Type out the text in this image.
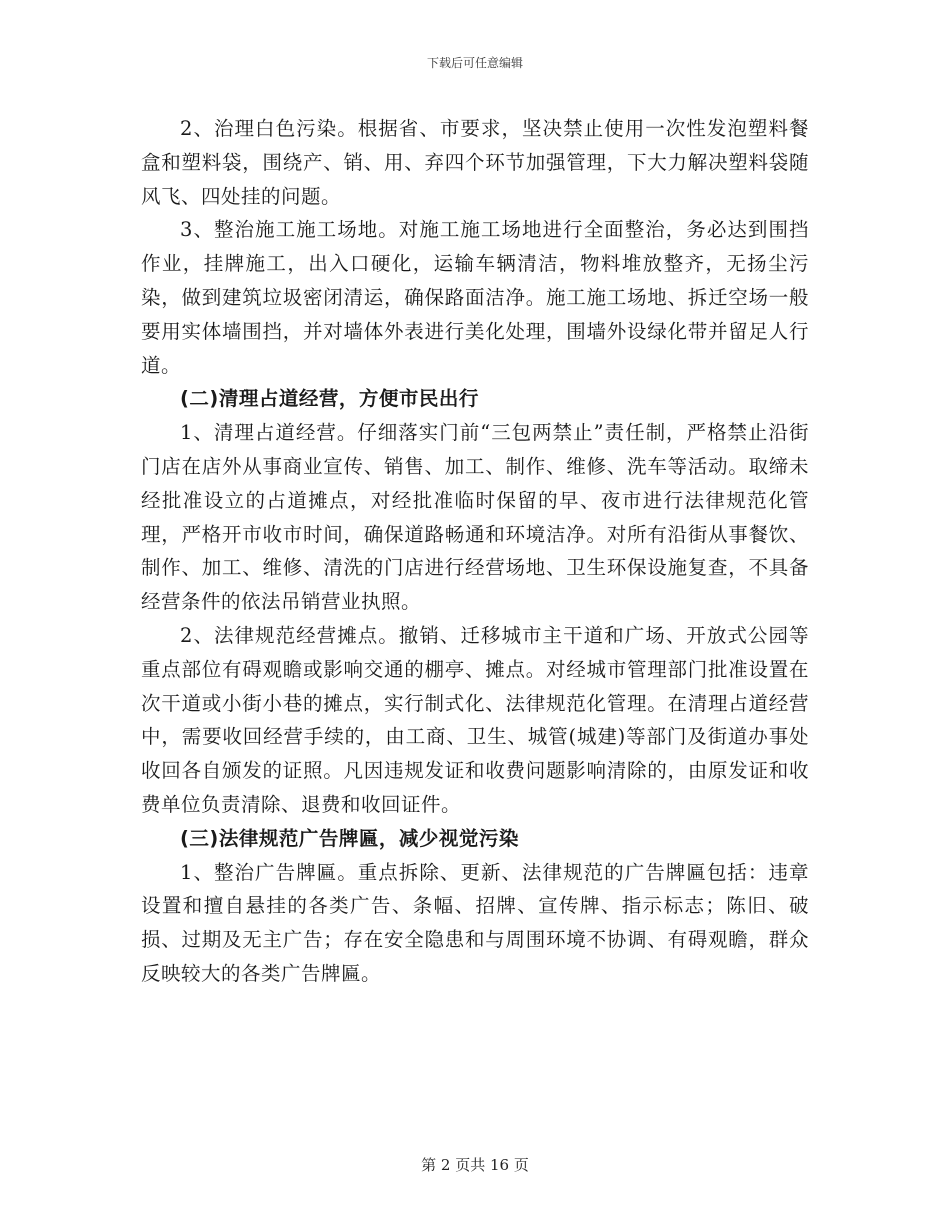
下载后可任意编辑

2、治理白色污染。根据省、市要求，坚决禁止使用一次性发泡塑料餐盒和塑料袋，围绕产、销、用、弃四个环节加强管理，下大力解决塑料袋随风飞、四处挂的问题。

3、整治施工施工场地。对施工施工场地进行全面整治，务必达到围挡作业，挂牌施工，出入口硬化，运输车辆清洁，物料堆放整齐，无扬尘污染，做到建筑垃圾密闭清运，确保路面洁净。施工施工场地、拆迁空场一般要用实体墙围挡，并对墙体外表进行美化处理，围墙外设绿化带并留足人行道。

(二)清理占道经营，方便市民出行

1、清理占道经营。仔细落实门前“三包两禁止”责任制，严格禁止沿街门店在店外从事商业宣传、销售、加工、制作、维修、洗车等活动。取缔未经批准设立的占道摊点，对经批准临时保留的早、夜市进行法律规范化管理，严格开市收市时间，确保道路畅通和环境洁净。对所有沿街从事餐饮、制作、加工、维修、清洗的门店进行经营场地、卫生环保设施复查，不具备经营条件的依法吊销营业执照。

2、法律规范经营摊点。撤销、迁移城市主干道和广场、开放式公园等重点部位有碍观瞻或影响交通的棚亭、摊点。对经城市管理部门批准设置在次干道或小街小巷的摊点，实行制式化、法律规范化管理。在清理占道经营中，需要收回经营手续的，由工商、卫生、城管(城建)等部门及街道办事处收回各自颁发的证照。凡因违规发证和收费问题影响清除的，由原发证和收费单位负责清除、退费和收回证件。

(三)法律规范广告牌匾，减少视觉污染

1、整治广告牌匾。重点拆除、更新、法律规范的广告牌匾包括：违章设置和擅自悬挂的各类广告、条幅、招牌、宣传牌、指示标志；陈旧、破损、过期及无主广告；存在安全隐患和与周围环境不协调、有碍观瞻，群众反映较大的各类广告牌匾。

第 2 页共 16 页
